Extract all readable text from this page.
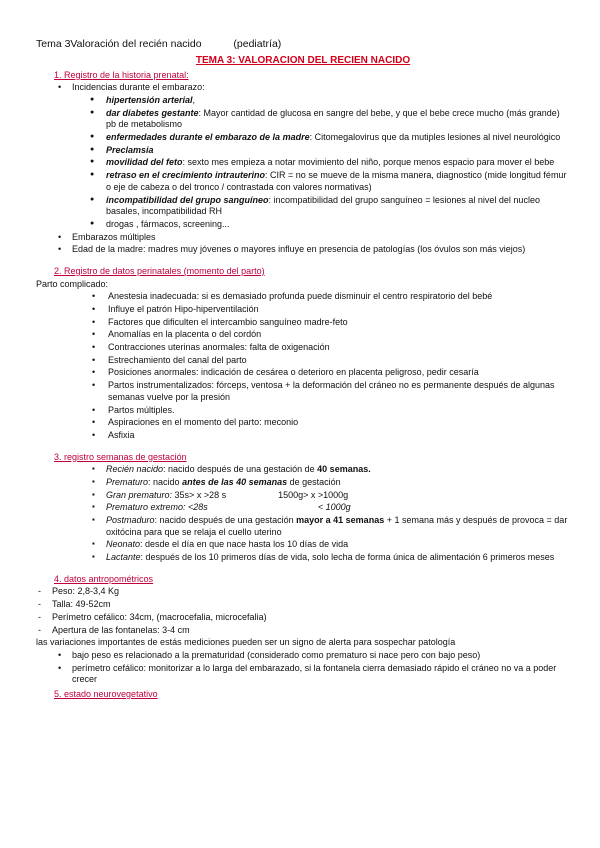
Tema 3Valoración del recién nacido	(pediatría)
TEMA 3: VALORACION DEL RECIEN NACIDO
1. Registro de la historia prenatal:
• Incidencias durante el embarazo:
● hipertensión arterial,
● dar diabetes gestante: Mayor cantidad de glucosa en sangre del bebe, y que el bebe crece mucho (más grande) pb de metabolismo
● enfermedades durante el embarazo de la madre: Citomegalovirus que da mutiples lesiones al nivel neurológico
● Preclamsia
● movilidad del feto: sexto mes empieza a notar movimiento del niño, porque menos espacio para mover el bebe
● retraso en el crecimiento intrauterino: CIR = no se mueve de la misma manera, diagnostico (mide longitud fémur o eje de cabeza o del tronco / contrastada con valores normativas)
● incompatibilidad del grupo sanguíneo: incompatibilidad del grupo sanguíneo = lesiones al nivel del nucleo basales, incompatibilidad RH
● drogas , fármacos, screening...
• Embarazos múltiples
• Edad de la madre: madres muy jóvenes o mayores influye en presencia de patologías (los óvulos son más viejos)
2. Registro de datos perinatales (momento del parto)
Parto complicado:
• Anestesia inadecuada: si es demasiado profunda puede disminuir el centro respiratorio del bebé
• Influye el patrón Hipo-hiperventilación
• Factores que dificulten el intercambio sanguíneo madre-feto
• Anomalías en la placenta o del cordón
• Contracciones uterinas anormales: falta de oxigenación
• Estrechamiento del canal del parto
• Posiciones anormales: indicación de cesárea o deterioro en placenta peligroso, pedir cesaría
• Partos instrumentalizados: fórceps, ventosa + la deformación del cráneo no es permanente después de algunas semanas vuelve por la presión
• Partos múltiples.
• Aspiraciones en el momento del parto: meconio
• Asfixia
3. registro semanas de gestación
▪ Recién nacido: nacido después de una gestación de 40 semanas.
▪ Prematuro: nacido antes de las 40 semanas de gestación
▪ Gran prematuro: 35s> x >28 s	1500g> x >1000g
▪ Prematuro extremo: <28s	< 1000g
▪ Postmaduro: nacido después de una gestación mayor a 41 semanas + 1 semana más y después de provoca = dar oxitócina para que se relaja el cuello uterino
▪ Neonato: desde el día en que nace hasta los 10 días de vida
▪ Lactante: después de los 10 primeros días de vida, solo lecha de forma única de alimentación 6 primeros meses
4. datos antropométricos
- Peso: 2,8-3,4 Kg
- Talla: 49-52cm
- Perímetro cefálico: 34cm, (macrocefalia, microcefalia)
- Apertura de las fontanelas: 3-4 cm
las variaciones importantes de estás mediciones pueden ser un signo de alerta para sospechar patología
• bajo peso es relacionado a la prematuridad (considerado como prematuro si nace pero con bajo peso)
• perímetro cefálico: monitorizar a lo larga del embarazado, si la fontanela cierra demasiado rápido el cráneo no va a poder crecer
5. estado neurovegetativo
